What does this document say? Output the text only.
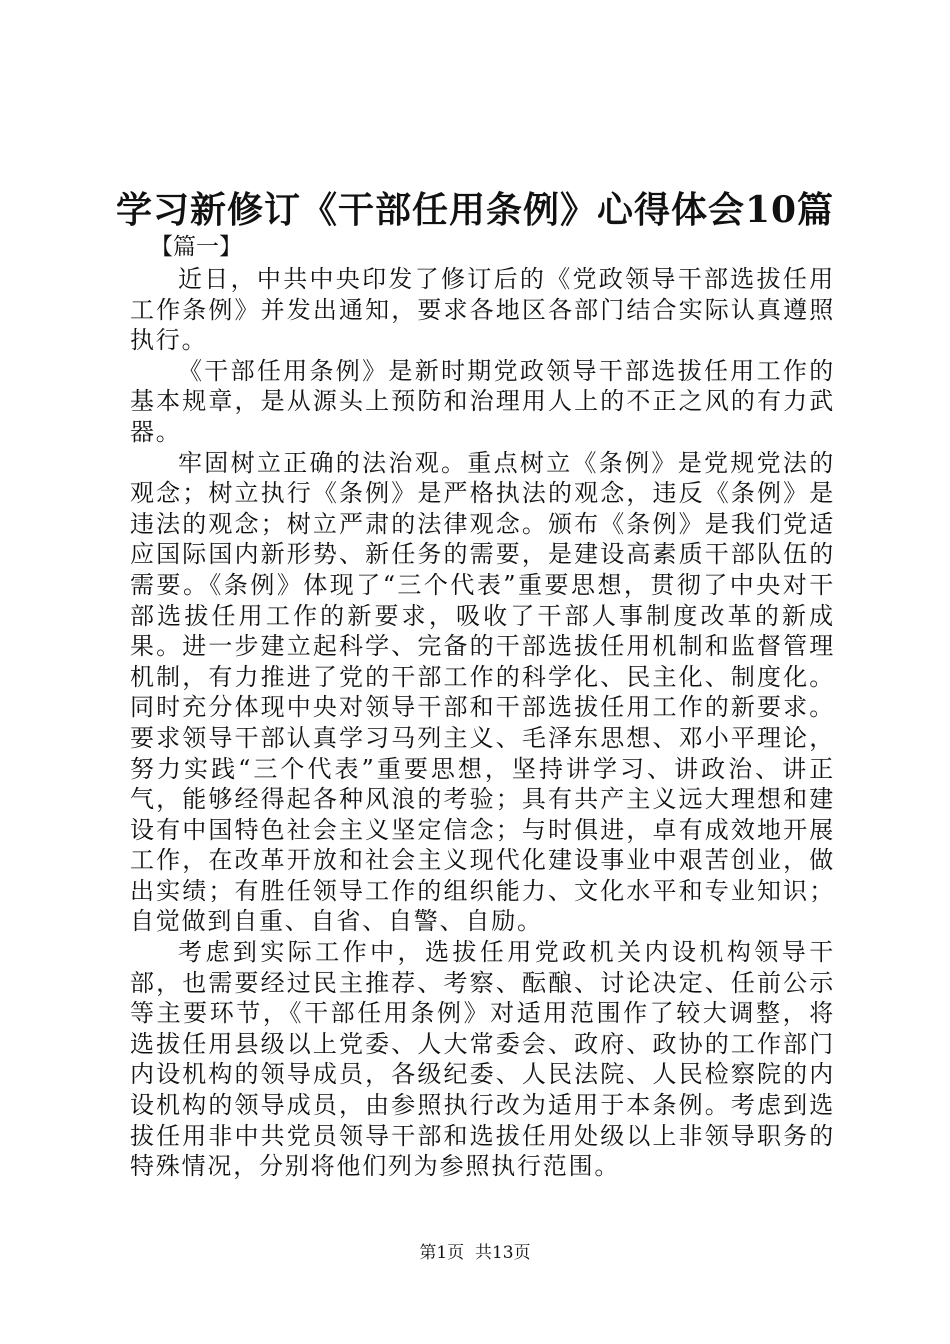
学习新修订《干部任用条例》心得体会10篇
【篇一】

近日，中共中央印发了修订后的《党政领导干部选拔任用工作条例》并发出通知，要求各地区各部门结合实际认真遵照执行。

《干部任用条例》是新时期党政领导干部选拔任用工作的基本规章，是从源头上预防和治理用人上的不正之风的有力武器。

牢固树立正确的法治观。重点树立《条例》是党规党法的观念；树立执行《条例》是严格执法的观念，违反《条例》是违法的观念；树立严肃的法律观念。颁布《条例》是我们党适应国际国内新形势、新任务的需要，是建设高素质干部队伍的需要。《条例》体现了“三个代表”重要思想，贯彻了中央对干部选拔任用工作的新要求，吸收了干部人事制度改革的新成果。进一步建立起科学、完备的干部选拔任用机制和监督管理机制，有力推进了党的干部工作的科学化、民主化、制度化。同时充分体现中央对领导干部和干部选拔任用工作的新要求。要求领导干部认真学习马列主义、毛泽东思想、邓小平理论，努力实践“三个代表”重要思想，坚持讲学习、讲政治、讲正气，能够经得起各种风浪的考验；具有共产主义远大理想和建设有中国特色社会主义坚定信念；与时俱进，卓有成效地开展工作，在改革开放和社会主义现代化建设事业中艰苦创业，做出实绩；有胜任领导工作的组织能力、文化水平和专业知识；自觉做到自重、自省、自警、自励。

考虑到实际工作中，选拔任用党政机关内设机构领导干部，也需要经过民主推荐、考察、酝酿、讨论决定、任前公示等主要环节，《干部任用条例》对适用范围作了较大调整，将选拔任用县级以上党委、人大常委会、政府、政协的工作部门内设机构的领导成员，各级纪委、人民法院、人民检察院的内设机构的领导成员，由参照执行改为适用于本条例。考虑到选拔任用非中共党员领导干部和选拔任用处级以上非领导职务的特殊情况，分别将他们列为参照执行范围。

第1页  共13页
